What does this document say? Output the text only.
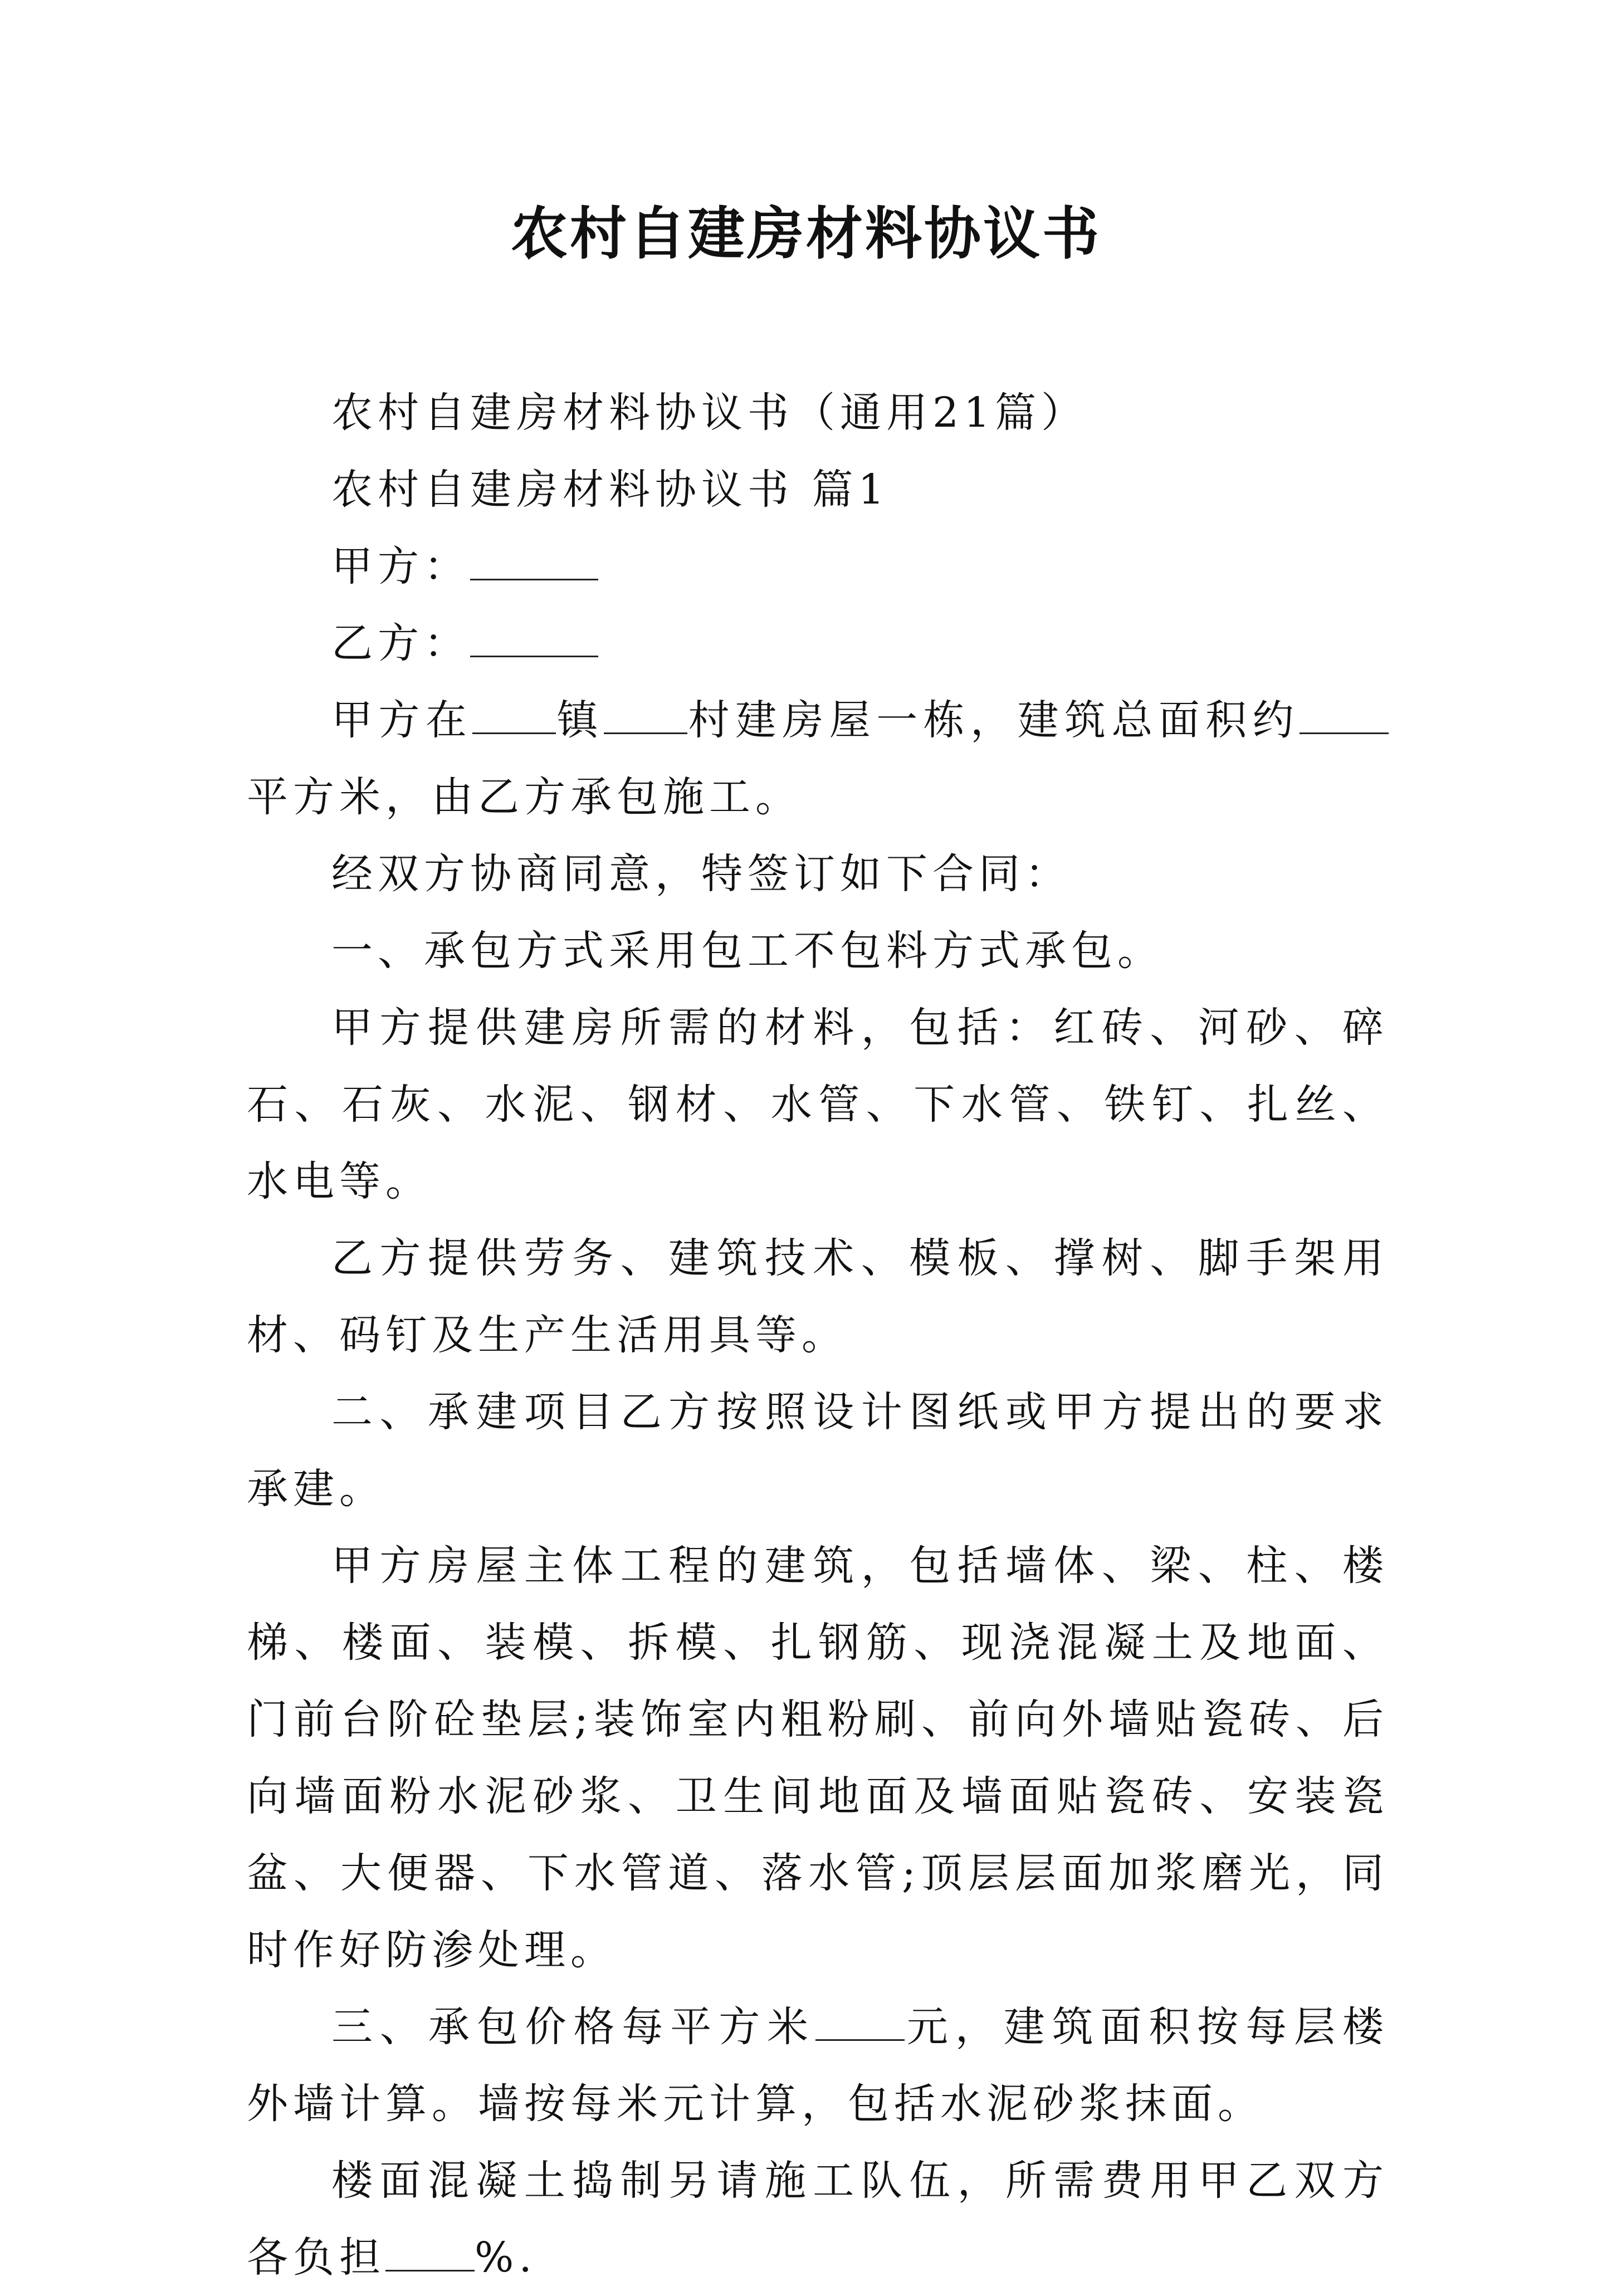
农村自建房材料协议书

农村自建房材料协议书（通用21篇）

农村自建房材料协议书 篇1

甲方：

乙方：

甲方在 镇 村建房屋一栋，建筑总面积约平方米，由乙方承包施工。

经双方协商同意，特签订如下合同：

一、承包方式采用包工不包料方式承包。

甲方提供建房所需的材料，包括：红砖、河砂、碎石、石灰、水泥、钢材、水管、下水管、铁钉、扎丝、水电等。

乙方提供劳务、建筑技术、模板、撑树、脚手架用材、码钉及生产生活用具等。

二、承建项目乙方按照设计图纸或甲方提出的要求承建。

甲方房屋主体工程的建筑，包括墙体、梁、柱、楼梯、楼面、装模、拆模、扎钢筋、现浇混凝土及地面、门前台阶砼垫层;装饰室内粗粉刷、前向外墙贴瓷砖、后向墙面粉水泥砂浆、卫生间地面及墙面贴瓷砖、安装瓷盆、大便器、下水管道、落水管;顶层层面加浆磨光，同时作好防渗处理。

三、承包价格每平方米 元，建筑面积按每层楼外墙计算。墙按每米元计算，包括水泥砂浆抹面。

楼面混凝土捣制另请施工队伍，所需费用甲乙双方各负担 %.
